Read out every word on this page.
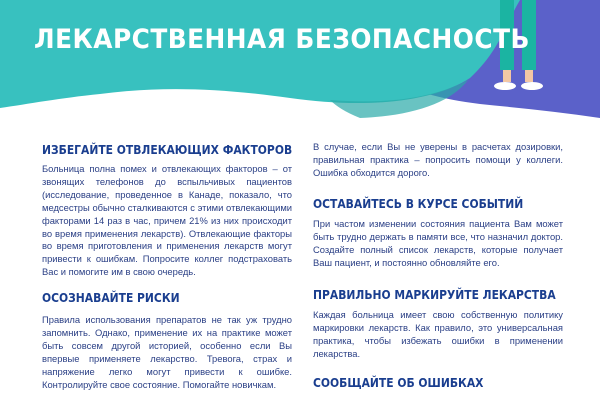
ЛЕКАРСТВЕННАЯ БЕЗОПАСНОСТЬ
ИЗБЕГАЙТЕ ОТВЛЕКАЮЩИХ ФАКТОРОВ

Больница полна помех и отвлекающих факторов – от звонящих телефонов до вспыльчивых пациентов (исследование, проведенное в Канаде, показало, что медсестры обычно сталкиваются с этими отвлекающими факторами 14 раз в час, причем 21% из них происходит во время применения лекарств). Отвлекающие факторы во время приготовления и применения лекарств могут привести к ошибкам. Попросите коллег подстраховать Вас и помогите им в свою очередь.

ОСОЗНАВАЙТЕ РИСКИ

Правила использования препаратов не так уж трудно запомнить. Однако, применение их на практике может быть совсем другой историей, особенно если Вы впервые применяете лекарство. Тревога, страх и напряжение легко могут привести к ошибке. Контролируйте свое состояние. Помогайте новичкам.

В случае, если Вы не уверены в расчетах дозировки, правильная практика – попросить помощи у коллеги. Ошибка обходится дорого.

ОСТАВАЙТЕСЬ В КУРСЕ СОБЫТИЙ

При частом изменении состояния пациента Вам может быть трудно держать в памяти все, что назначил доктор. Создайте полный список лекарств, которые получает Ваш пациент, и постоянно обновляйте его.

ПРАВИЛЬНО МАРКИРУЙТЕ ЛЕКАРСТВА

Каждая больница имеет свою собственную политику маркировки лекарств. Как правило, это универсальная практика, чтобы избежать ошибки в применении лекарства.

СООБЩАЙТЕ ОБ ОШИБКАХ
